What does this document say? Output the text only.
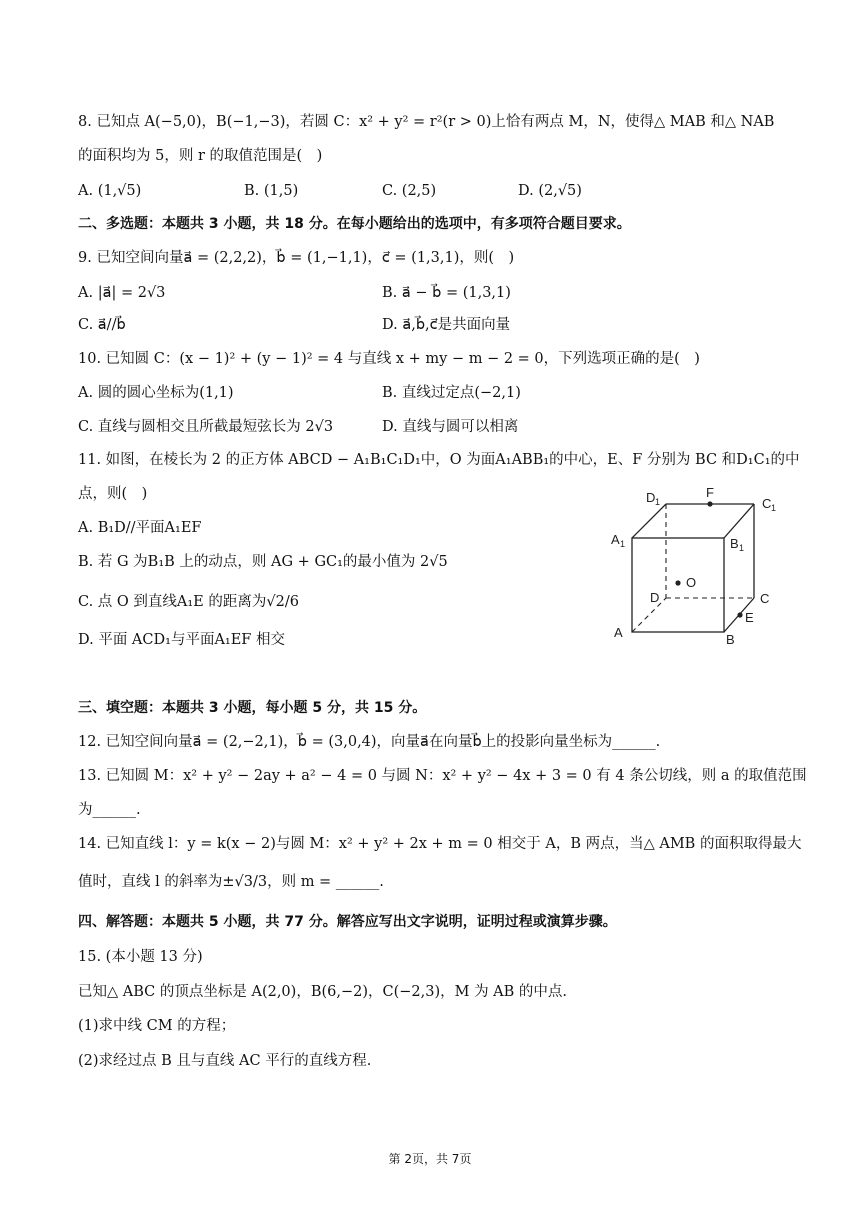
8. 已知点 A(−5,0)，B(−1,−3)，若圆 C：x² + y² = r²(r > 0)上恰有两点 M，N，使得△ MAB 和△ NAB
的面积均为 5，则 r 的取值范围是(　)
A. (1,√5)	B. (1,5)	C. (2,5)	D. (2,√5)
二、多选题：本题共 3 小题，共 18 分。在每小题给出的选项中，有多项符合题目要求。
9. 已知空间向量a⃗ = (2,2,2)，b⃗ = (1,−1,1)，c⃗ = (1,3,1)，则(　)
A. |a⃗| = 2√3	B. a⃗ − b⃗ = (1,3,1)
C. a⃗//b⃗	D. a⃗,b⃗,c⃗是共面向量
10. 已知圆 C：(x − 1)² + (y − 1)² = 4 与直线 x + my − m − 2 = 0，下列选项正确的是(　)
A. 圆的圆心坐标为(1,1)	B. 直线过定点(−2,1)
C. 直线与圆相交且所截最短弦长为 2√3	D. 直线与圆可以相离
11. 如图，在棱长为 2 的正方体 ABCD − A₁B₁C₁D₁中，O 为面A₁ABB₁的中心，E、F 分别为 BC 和D₁C₁的中
点，则(　)
A. B₁D//平面A₁EF
B. 若 G 为B₁B 上的动点，则 AG + GC₁的最小值为 2√5
C. 点 O 到直线A₁E 的距离为√2/6
D. 平面 ACD₁与平面A₁EF 相交
D 1
F
C 1
A 1	B 1
O
D	C
E
A	B
三、填空题：本题共 3 小题，每小题 5 分，共 15 分。
12. 已知空间向量a⃗ = (2,−2,1)，b⃗ = (3,0,4)，向量a⃗在向量b⃗上的投影向量坐标为______.
13. 已知圆 M：x² + y² − 2ay + a² − 4 = 0 与圆 N：x² + y² − 4x + 3 = 0 有 4 条公切线，则 a 的取值范围
为______.
14. 已知直线 l：y = k(x − 2)与圆 M：x² + y² + 2x + m = 0 相交于 A，B 两点，当△ AMB 的面积取得最大
值时，直线 l 的斜率为±√3/3，则 m = ______.
四、解答题：本题共 5 小题，共 77 分。解答应写出文字说明，证明过程或演算步骤。
15. (本小题 13 分)
已知△ ABC 的顶点坐标是 A(2,0)，B(6,−2)，C(−2,3)，M 为 AB 的中点.
(1)求中线 CM 的方程；
(2)求经过点 B 且与直线 AC 平行的直线方程.
第 2页，共 7页
